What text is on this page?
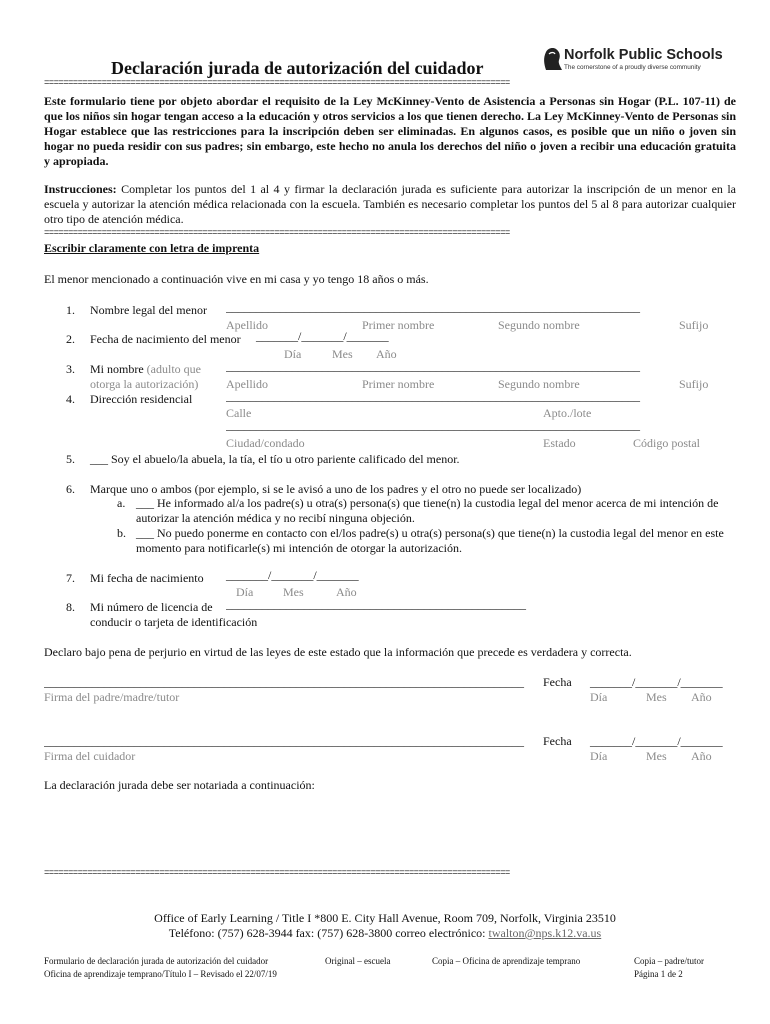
Declaración jurada de autorización del cuidador
Norfolk Public Schools
The cornerstone of a proudly diverse community
=================================================================================================
Este formulario tiene por objeto abordar el requisito de la Ley McKinney-Vento de Asistencia a Personas sin Hogar (P.L. 107-11) de que los niños sin hogar tengan acceso a la educación y otros servicios a los que tienen derecho. La Ley McKinney-Vento de Personas sin Hogar establece que las restricciones para la inscripción deben ser eliminadas. En algunos casos, es posible que un niño o joven sin hogar no pueda residir con sus padres; sin embargo, este hecho no anula los derechos del niño o joven a recibir una educación gratuita y apropiada.
Instrucciones: Completar los puntos del 1 al 4 y firmar la declaración jurada es suficiente para autorizar la inscripción de un menor en la escuela y autorizar la atención médica relacionada con la escuela. También es necesario completar los puntos del 5 al 8 para autorizar cualquier otro tipo de atención médica.
=================================================================================================
Escribir claramente con letra de imprenta
El menor mencionado a continuación vive en mi casa y yo tengo 18 años o más.
1. Nombre legal del menor _____________________________________________________________________
Apellido	Primer nombre	Segundo nombre	Sufijo
2. Fecha de nacimiento del menor _______/_______/_______
Día	Mes Año
3. Mi nombre (adulto que
otorga la autorización)
_____________________________________________________________________
Apellido	Primer nombre	Segundo nombre	Sufijo
4. Dirección residencial	_____________________________________________________________________
Calle	Apto./lote
_____________________________________________________________________
Ciudad/condado	Estado	Código postal
5. ___ Soy el abuelo/la abuela, la tía, el tío u otro pariente calificado del menor.
6. Marque uno o ambos (por ejemplo, si se le avisó a uno de los padres y el otro no puede ser localizado)
a. ___ He informado al/a los padre(s) u otra(s) persona(s) que tiene(n) la custodia legal del menor acerca de mi intención de autorizar la atención médica y no recibí ninguna objeción.
b. ___ No puedo ponerme en contacto con el/los padre(s) u otra(s) persona(s) que tiene(n) la custodia legal del menor en este momento para notificarle(s) mi intención de otorgar la autorización.
7. Mi fecha de nacimiento _______/_______/_______
Día Mes	Año
8. Mi número de licencia de
conducir o tarjeta de identificación
__________________________________________________
Declaro bajo pena de perjurio en virtud de las leyes de este estado que la información que precede es verdadera y correcta.
________________________________________________________________________________
Firma del padre/madre/tutor
Fecha _______/_______/_______
Día	Mes Año
________________________________________________________________________________
Firma del cuidador
Fecha _______/_______/_______
Día	Mes Año
La declaración jurada debe ser notariada a continuación:
=================================================================================================
Office of Early Learning / Title I *800 E. City Hall Avenue, Room 709, Norfolk, Virginia 23510
Teléfono: (757) 628-3944 fax: (757) 628-3800 correo electrónico: twalton@nps.k12.va.us
Formulario de declaración jurada de autorización del cuidador
Oficina de aprendizaje temprano/Título I – Revisado el 22/07/19
Original – escuela	Copia – Oficina de aprendizaje temprano	Copia – padre/tutor
Página 1 de 2
